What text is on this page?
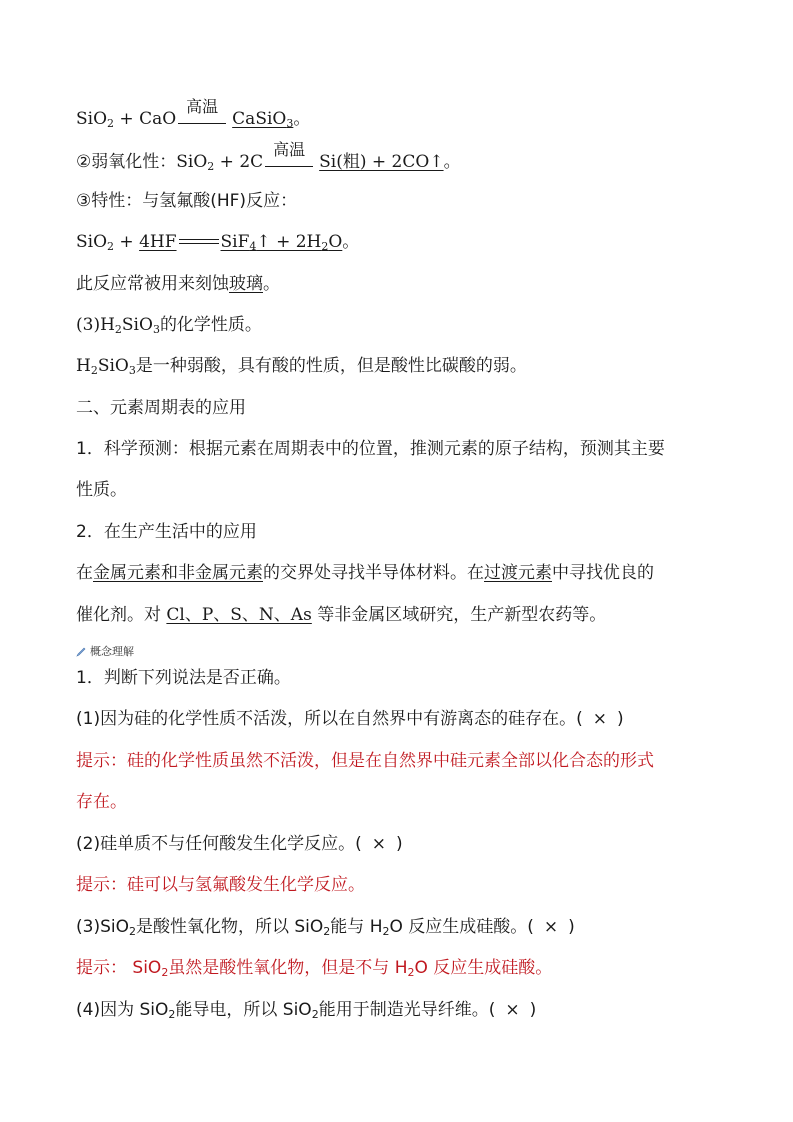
SiO$_2$ + CaO
高温
CaSiO$_3$。
②弱氧化性：SiO$_2$ + 2C
高温
Si(粗) + 2CO↑。
③特性：与氢氟酸(HF)反应：
SiO$_2$ + 4HF	SiF$_4$↑ + $2H_2O$。
此反应常被用来刻蚀玻璃。
$(3)H_2SiO_3$的化学性质。
$H_2SiO_3$是一种弱酸，具有酸的性质，但是酸性比碳酸的弱。
二、元素周期表的应用
1．科学预测：根据元素在周期表中的位置，推测元素的原子结构，预测其主要
性质。
2．在生产生活中的应用
在金属元素和非金属元素的交界处寻找半导体材料。在过渡元素中寻找优良的
催化剂。对 Cl、P、S、N、As 等非金属区域研究，生产新型农药等。
概念理解
1．判断下列说法是否正确。
(1)因为硅的化学性质不活泼，所以在自然界中有游离态的硅存在。( × )
提示：硅的化学性质虽然不活泼，但是在自然界中硅元素全部以化合态的形式
存在。
(2)硅单质不与任何酸发生化学反应。( × )
提示：硅可以与氢氟酸发生化学反应。
(3)SiO$_2$是酸性氧化物，所以 SiO$_2$能与 $H_2O$ 反应生成硅酸。( × )
提示： SiO$_2$虽然是酸性氧化物，但是不与 $H_2O$ 反应生成硅酸。
(4)因为 SiO$_2$能导电，所以 SiO$_2$能用于制造光导纤维。( × )
